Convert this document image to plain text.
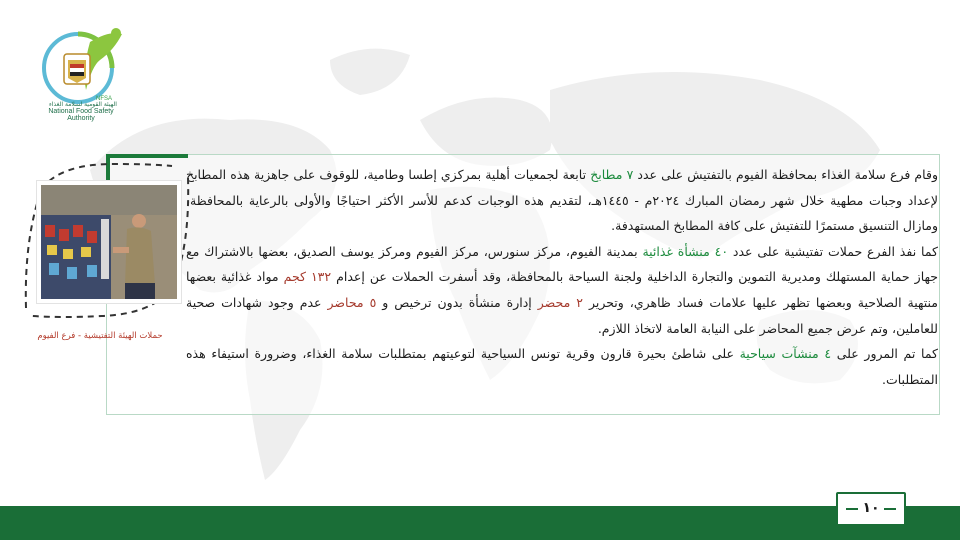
NFSA
الهيئة القومية لسلامة الغذاء
National Food Safety Authority

وقام فرع سلامة الغذاء بمحافظة الفيوم بالتفتيش على عدد ٧ مطابخ تابعة لجمعيات أهلية بمركزي إطسا وطامية، للوقوف على جاهزية هذه المطابخ لإعداد وجبات مطهية خلال شهر رمضان المبارك ٢٠٢٤م - ١٤٤٥هـ، لتقديم هذه الوجبات كدعم للأسر الأكثر احتياجًا والأولى بالرعاية بالمحافظة، ومازال التنسيق مستمرًا للتفتيش على كافة المطابخ المستهدفة.

كما نفذ الفرع حملات تفتيشية على عدد ٤٠ منشأة غذائية بمدينة الفيوم، مركز سنورس، مركز الفيوم ومركز يوسف الصديق، بعضها بالاشتراك مع جهاز حماية المستهلك ومديرية التموين والتجارة الداخلية ولجنة السياحة بالمحافظة، وقد أسفرت الحملات عن إعدام ١٣٢ كجم مواد غذائية بعضها منتهية الصلاحية وبعضها تظهر عليها علامات فساد ظاهري، وتحرير ٢ محضر إدارة منشأة بدون ترخيص و ٥ محاضر عدم وجود شهادات صحية للعاملين، وتم عرض جميع المحاضر على النيابة العامة لاتخاذ اللازم.

كما تم المرور على ٤ منشآت سياحية على شاطئ بحيرة قارون وقرية تونس السياحية لتوعيتهم بمتطلبات سلامة الغذاء، وضرورة استيفاء هذه المتطلبات.

حملات الهيئة التفتيشية - فرع الفيوم
١٠
